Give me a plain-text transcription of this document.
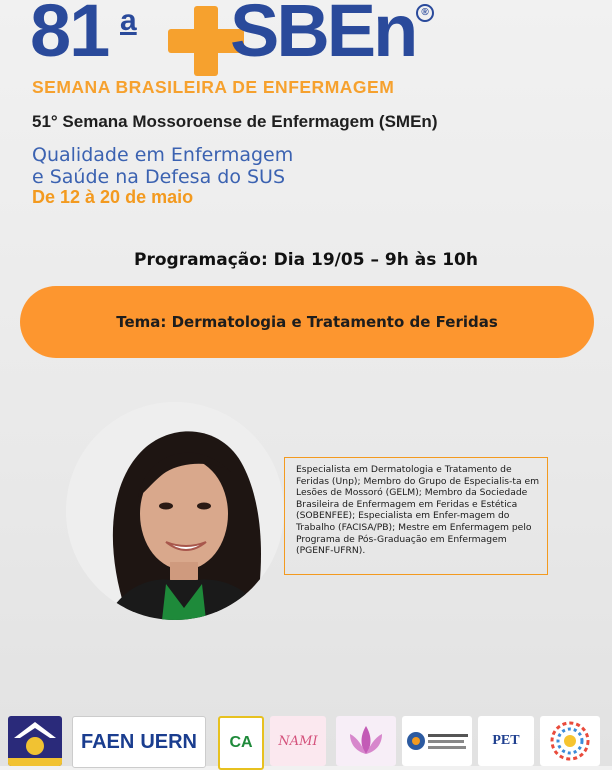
81 a SBEn ®
SEMANA BRASILEIRA DE ENFERMAGEM
51° Semana Mossoroense de Enfermagem (SMEn)
Qualidade em Enfermagem
e Saúde na Defesa do SUS
De 12 à 20 de maio
Programação: Dia 19/05 – 9h às 10h
Tema: Dermatologia e Tratamento de Feridas
Especialista em Dermatologia e Tratamento de Feridas (Unp); Membro do Grupo de Especialis-ta em Lesões de Mossoró (GELM); Membro da Sociedade Brasileira de Enfermagem em Feridas e Estética (SOBENFEE); Especialista em Enfer-magem do Trabalho (FACISA/PB); Mestre em Enfermagem pelo Programa de Pós-Graduação em Enfermagem (PGENF-UFRN).
FAEN UERN CA NAMI	PET
